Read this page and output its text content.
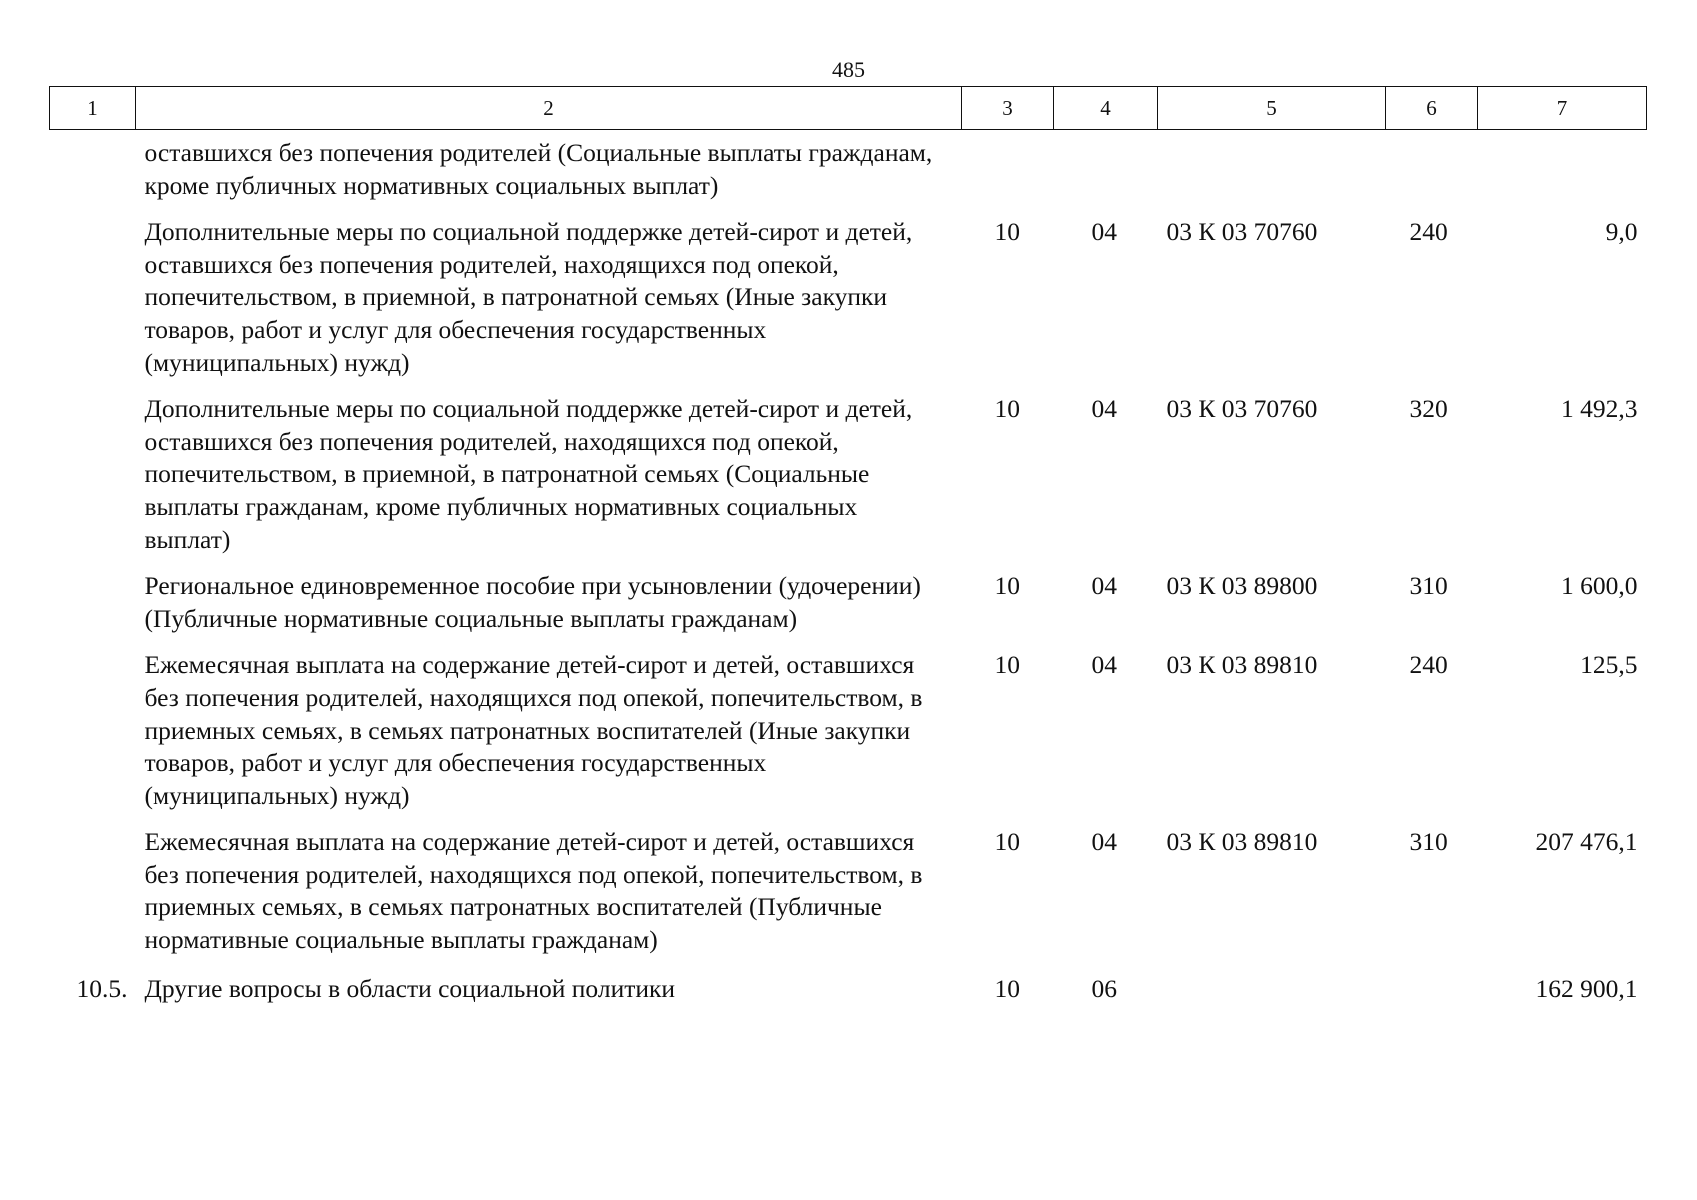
485
1	2	3	4	5	6	7
	оставшихся без попечения родителей (Социальные выплаты гражданам, кроме публичных нормативных социальных выплат)					
	Дополнительные меры по социальной поддержке детей-сирот и детей, оставшихся без попечения родителей, находящихся под опекой, попечительством, в приемной, в патронатной семьях (Иные закупки товаров, работ и услуг для обеспечения государственных (муниципальных) нужд)	10	04	03 К 03 70760	240	9,0
	Дополнительные меры по социальной поддержке детей-сирот и детей, оставшихся без попечения родителей, находящихся под опекой, попечительством, в приемной, в патронатной семьях (Социальные выплаты гражданам, кроме публичных нормативных социальных выплат)	10	04	03 К 03 70760	320	1 492,3
	Региональное единовременное пособие при усыновлении (удочерении) (Публичные нормативные социальные выплаты гражданам)	10	04	03 К 03 89800	310	1 600,0
	Ежемесячная выплата на содержание детей-сирот и детей, оставшихся без попечения родителей, находящихся под опекой, попечительством, в приемных семьях, в семьях патронатных воспитателей (Иные закупки товаров, работ и услуг для обеспечения государственных (муниципальных) нужд)	10	04	03 К 03 89810	240	125,5
	Ежемесячная выплата на содержание детей-сирот и детей, оставшихся без попечения родителей, находящихся под опекой, попечительством, в приемных семьях, в семьях патронатных воспитателей (Публичные нормативные социальные выплаты гражданам)	10	04	03 К 03 89810	310	207 476,1
10.5.	Другие вопросы в области социальной политики	10	06			162 900,1
